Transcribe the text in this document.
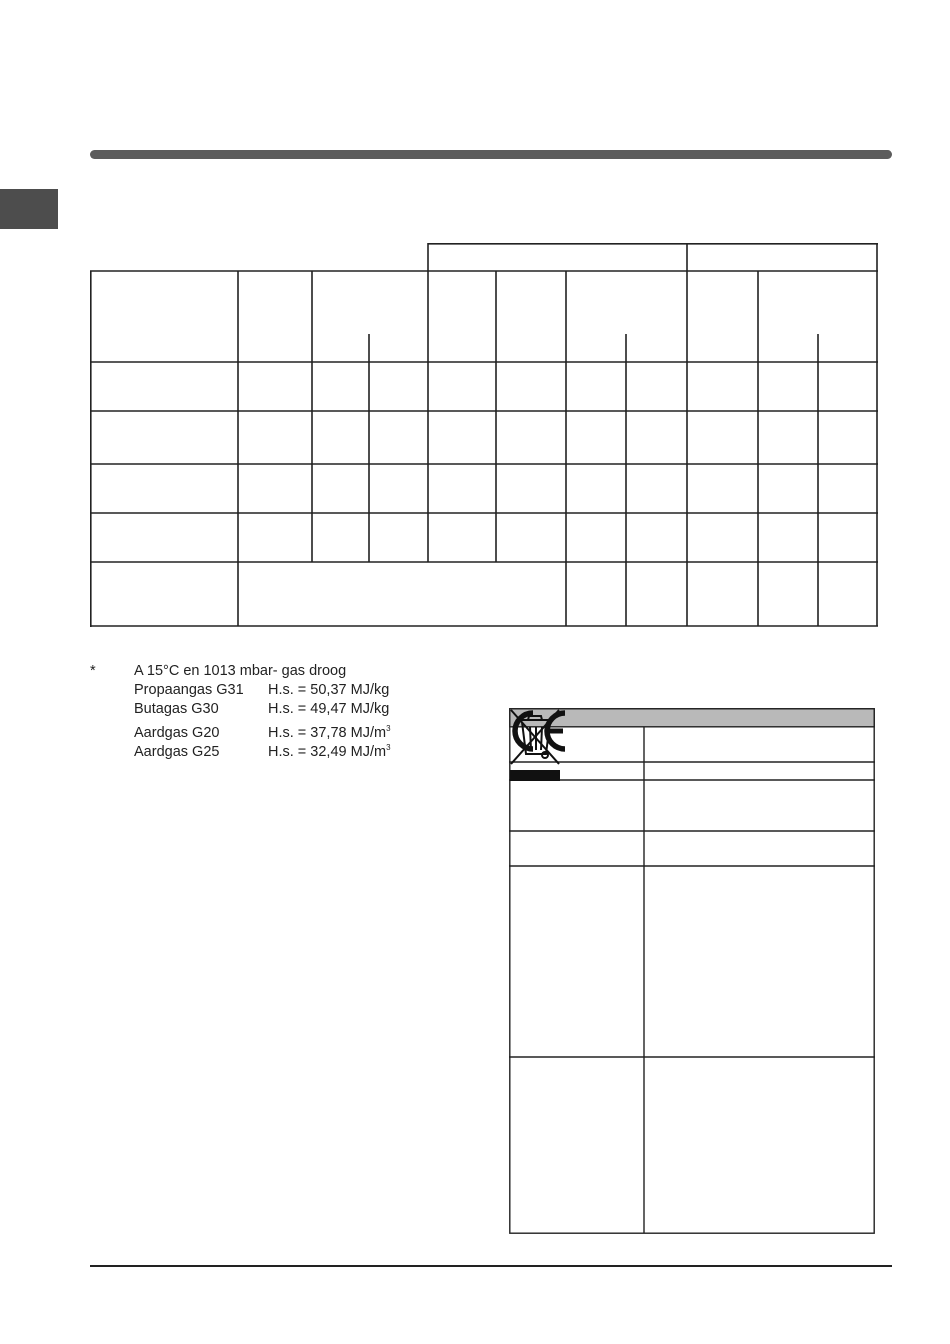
*	A 15°C en 1013 mbar- gas droog
Propaangas G31 H.s. = 50,37 MJ/kg
Butagas G30	H.s. = 49,47 MJ/kg
Aardgas G20	H.s. = 37,78 $MJ/m^3$
Aardgas G25	H.s. = 32,49 $MJ/m^3$
